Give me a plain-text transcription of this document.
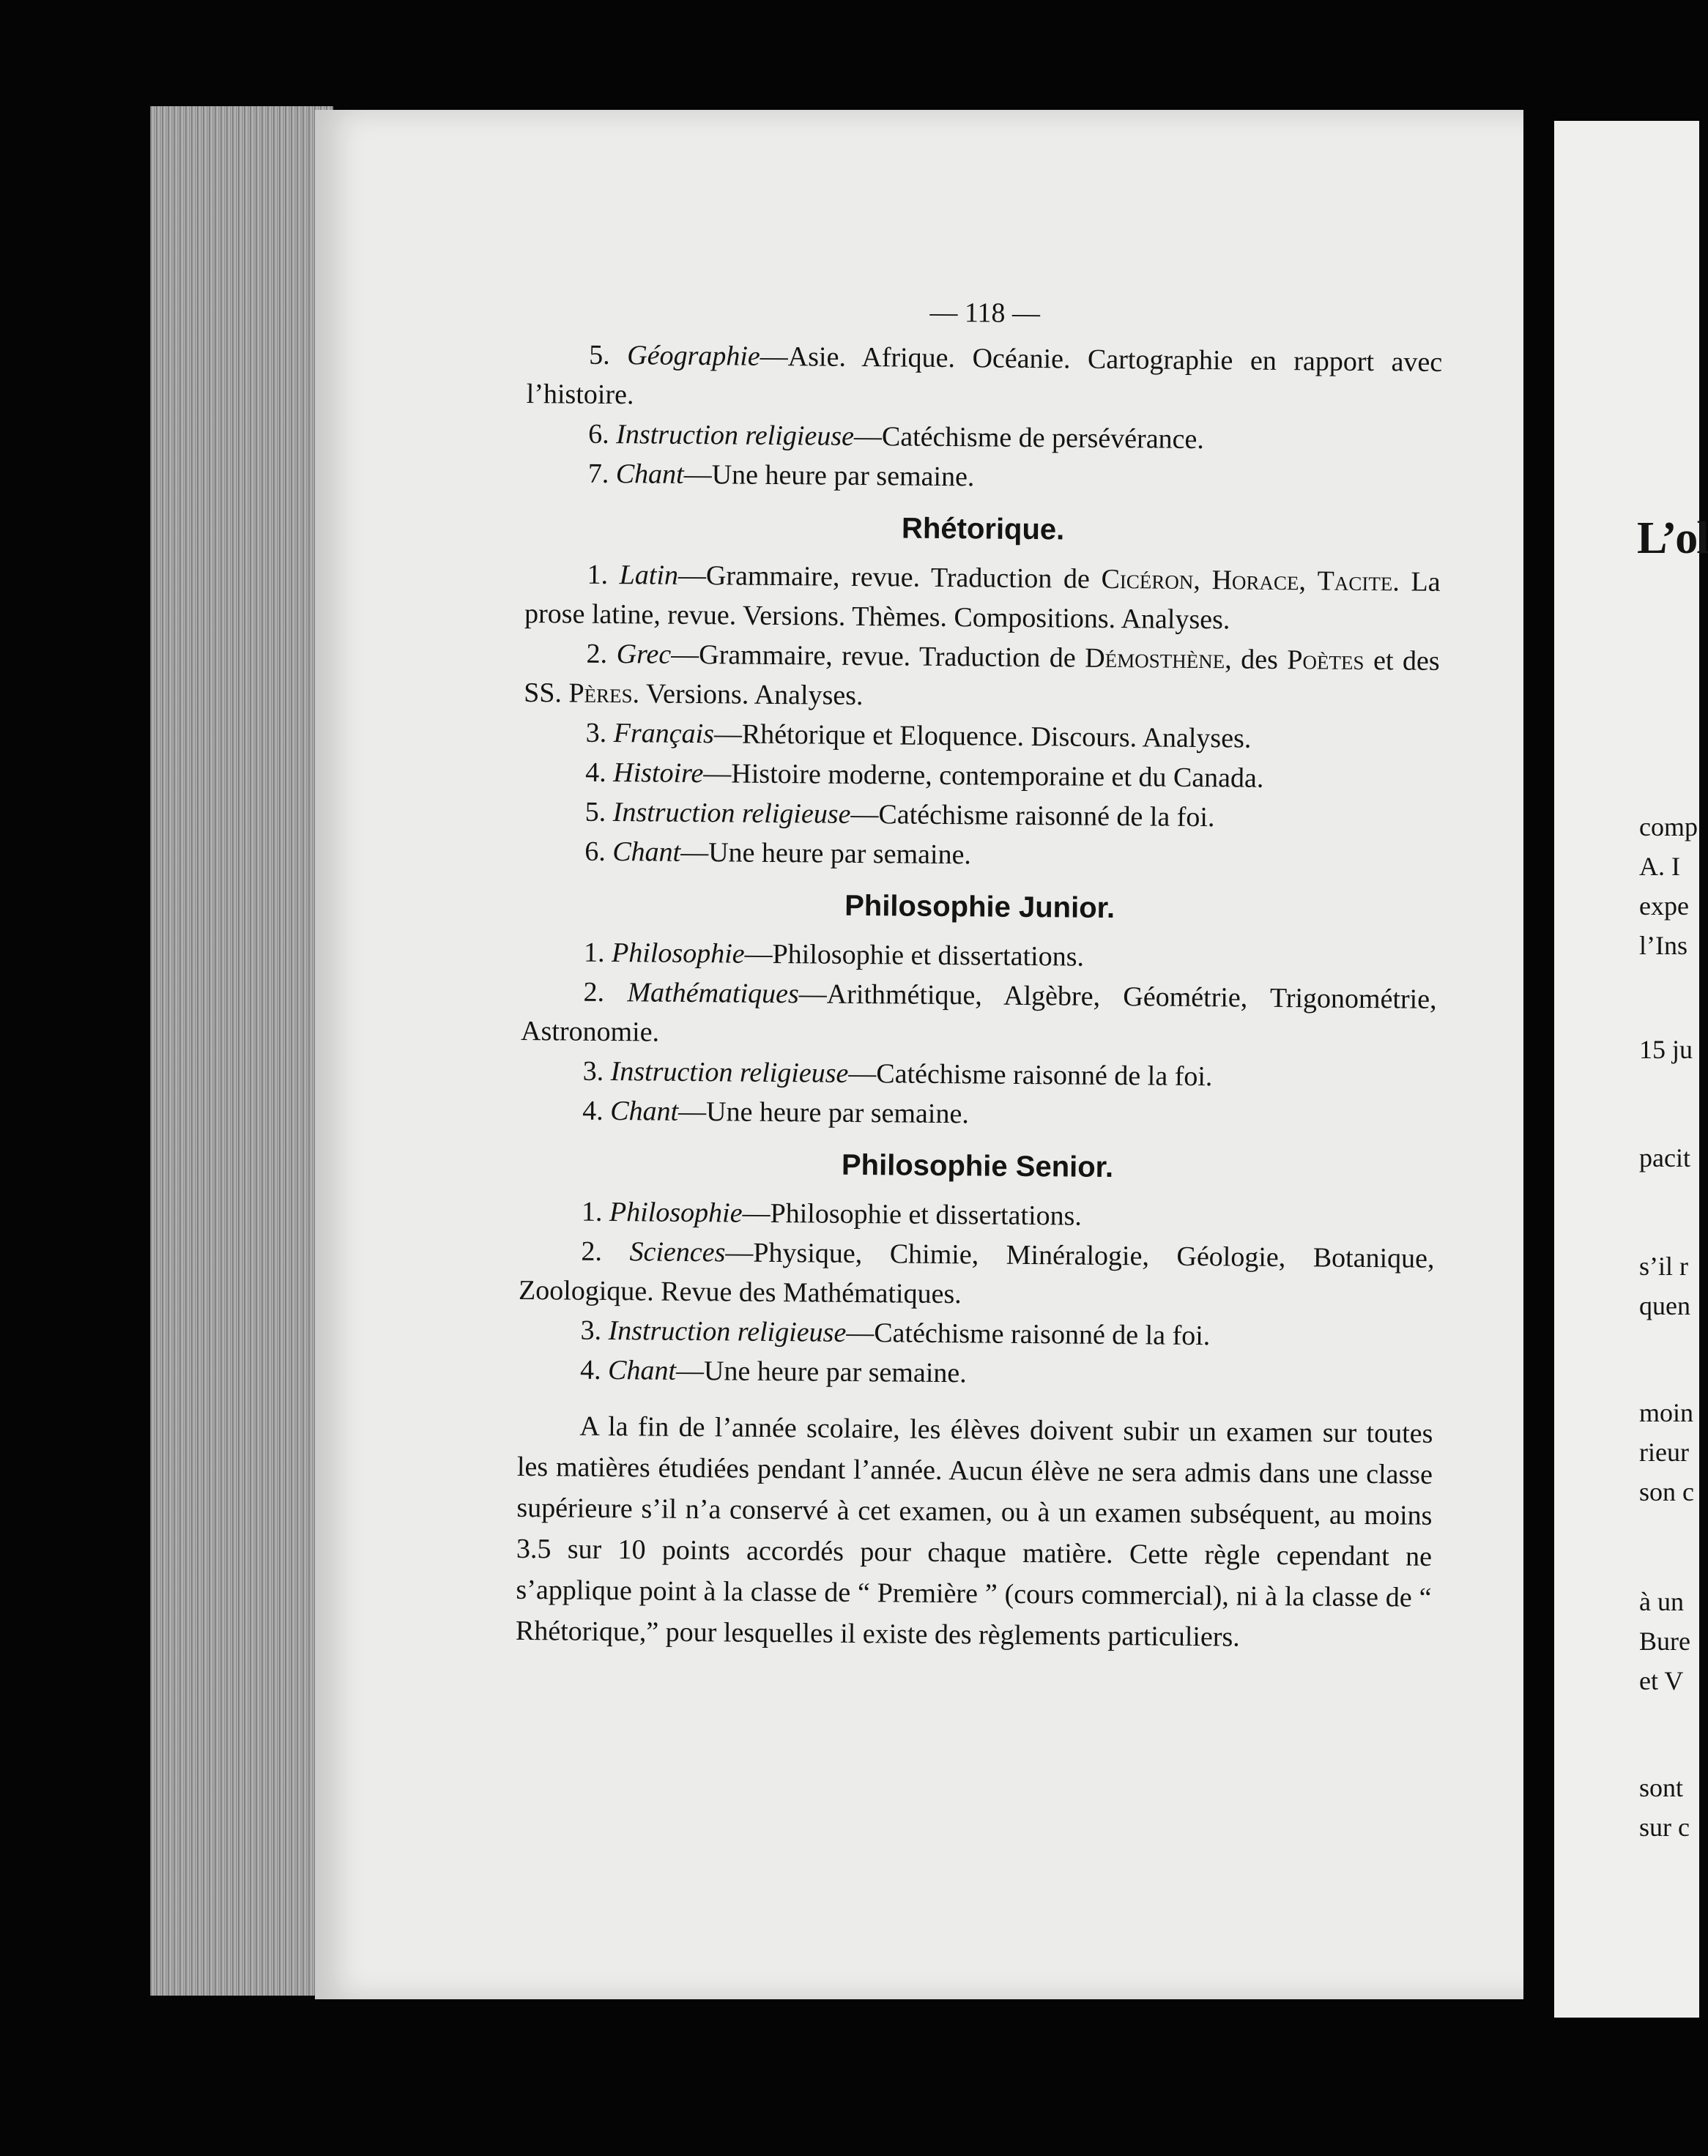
— 118 —
5. Géographie—Asie. Afrique. Océanie. Cartographie en rapport avec l’histoire.
6. Instruction religieuse—Catéchisme de persévérance.
7. Chant—Une heure par semaine.
Rhétorique.
1. Latin—Grammaire, revue. Traduction de Cicéron, Horace, Tacite. La prose latine, revue. Versions. Thèmes. Compositions. Analyses.
2. Grec—Grammaire, revue. Traduction de Démosthène, des Poètes et des SS. Pères. Versions. Analyses.
3. Français—Rhétorique et Eloquence. Discours. Analyses.
4. Histoire—Histoire moderne, contemporaine et du Canada.
5. Instruction religieuse—Catéchisme raisonné de la foi.
6. Chant—Une heure par semaine.
Philosophie Junior.
1. Philosophie—Philosophie et dissertations.
2. Mathématiques—Arithmétique, Algèbre, Géométrie, Trigonométrie, Astronomie.
3. Instruction religieuse—Catéchisme raisonné de la foi.
4. Chant—Une heure par semaine.
Philosophie Senior.
1. Philosophie—Philosophie et dissertations.
2. Sciences—Physique, Chimie, Minéralogie, Géologie, Botanique, Zoologique. Revue des Mathématiques.
3. Instruction religieuse—Catéchisme raisonné de la foi.
4. Chant—Une heure par semaine.

A la fin de l’année scolaire, les élèves doivent subir un examen sur toutes les matières étudiées pendant l’année. Aucun élève ne sera admis dans une classe supérieure s’il n’a conservé à cet examen, ou à un examen subséquent, au moins 3.5 sur 10 points accordés pour chaque matière. Cette règle cependant ne s’applique point à la classe de “ Première ” (cours commercial), ni à la classe de “ Rhétorique,” pour lesquelles il existe des règlements particuliers.

L’ol
comp
A. I
expe
l’Ins
15 ju
pacit
s’il r
quen
moin
rieur
son c
à un
Bure
et V
sont
sur c
